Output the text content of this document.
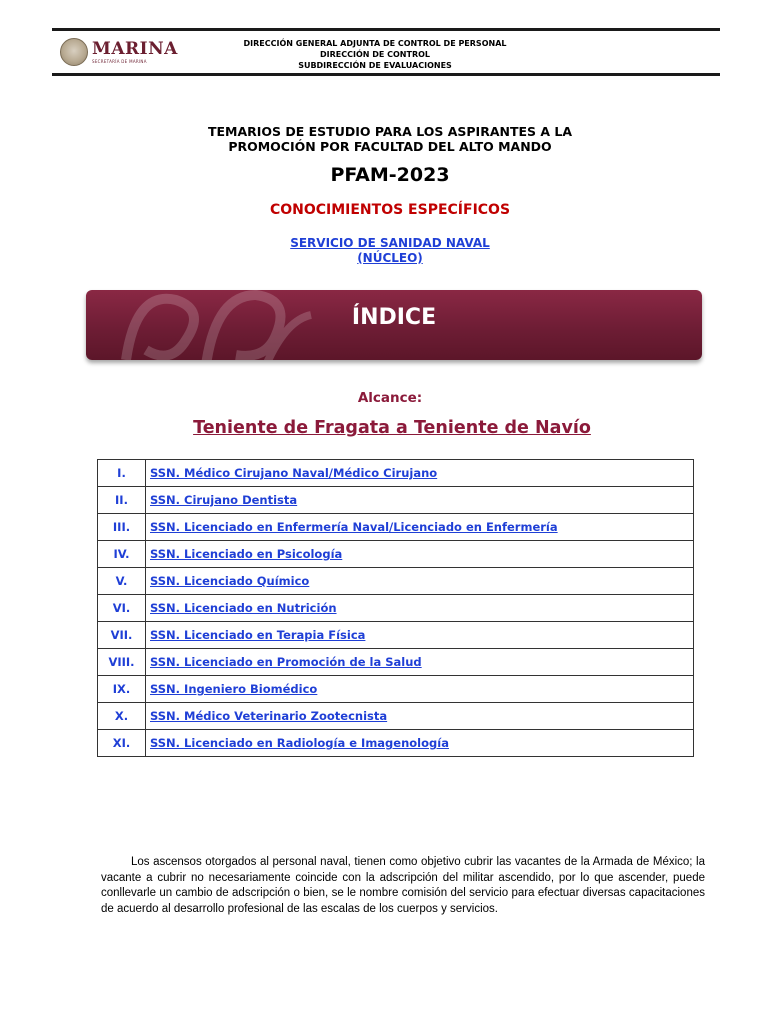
MARINA
SECRETARÍA DE MARINA
DIRECCIÓN GENERAL ADJUNTA DE CONTROL DE PERSONAL
DIRECCIÓN DE CONTROL
SUBDIRECCIÓN DE EVALUACIONES
TEMARIOS DE ESTUDIO PARA LOS ASPIRANTES A LA
PROMOCIÓN POR FACULTAD DEL ALTO MANDO
PFAM-2023
CONOCIMIENTOS ESPECÍFICOS
SERVICIO DE SANIDAD NAVAL
(NÚCLEO)
ÍNDICE
Alcance:
Teniente de Fragata a Teniente de Navío
I.	SSN. Médico Cirujano Naval/Médico Cirujano
II.	SSN. Cirujano Dentista
III.	SSN. Licenciado en Enfermería Naval/Licenciado en Enfermería
IV.	SSN. Licenciado en Psicología
V.	SSN. Licenciado Químico
VI.	SSN. Licenciado en Nutrición
VII.	SSN. Licenciado en Terapia Física
VIII.	SSN. Licenciado en Promoción de la Salud
IX.	SSN. Ingeniero Biomédico
X.	SSN. Médico Veterinario Zootecnista
XI.	SSN. Licenciado en Radiología e Imagenología
Los ascensos otorgados al personal naval, tienen como objetivo cubrir las vacantes de la Armada de México; la vacante a cubrir no necesariamente coincide con la adscripción del militar ascendido, por lo que ascender, puede conllevarle un cambio de adscripción o bien, se le nombre comisión del servicio para efectuar diversas capacitaciones de acuerdo al desarrollo profesional de las escalas de los cuerpos y servicios.
